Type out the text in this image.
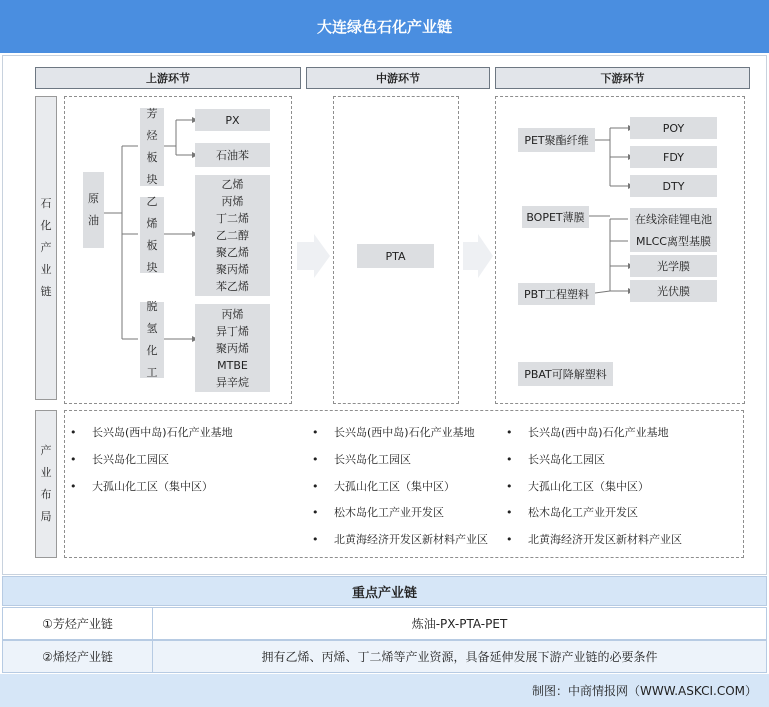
大连绿色石化产业链
上游环节	中游环节	下游环节
石化产业链
产业布局
原油
芳烃板块
乙烯板块
脱氢化工
PX
石油苯
乙烯
丙烯
丁二烯
乙二醇
聚乙烯
聚丙烯
苯乙烯
丙烯
异丁烯
聚丙烯
MTBE
异辛烷
PTA
PET聚酯纤维
POY
FDY
DTY
BOPET薄膜	在线涂硅锂电池
MLCC离型基膜
光学膜
光伏膜
PBT工程塑料
PBAT可降解塑料
• 长兴岛(西中岛)石化产业基地
• 长兴岛化工园区
• 大孤山化工区（集中区）
• 长兴岛(西中岛)石化产业基地
• 长兴岛化工园区
• 大孤山化工区（集中区）
• 松木岛化工产业开发区
• 北黄海经济开发区新材料产业区
• 长兴岛(西中岛)石化产业基地
• 长兴岛化工园区
• 大孤山化工区（集中区）
• 松木岛化工产业开发区
• 北黄海经济开发区新材料产业区
重点产业链
①芳烃产业链	炼油-PX-PTA-PET
②烯烃产业链	拥有乙烯、丙烯、丁二烯等产业资源，具备延伸发展下游产业链的必要条件
制图：中商情报网（WWW.ASKCI.COM）
